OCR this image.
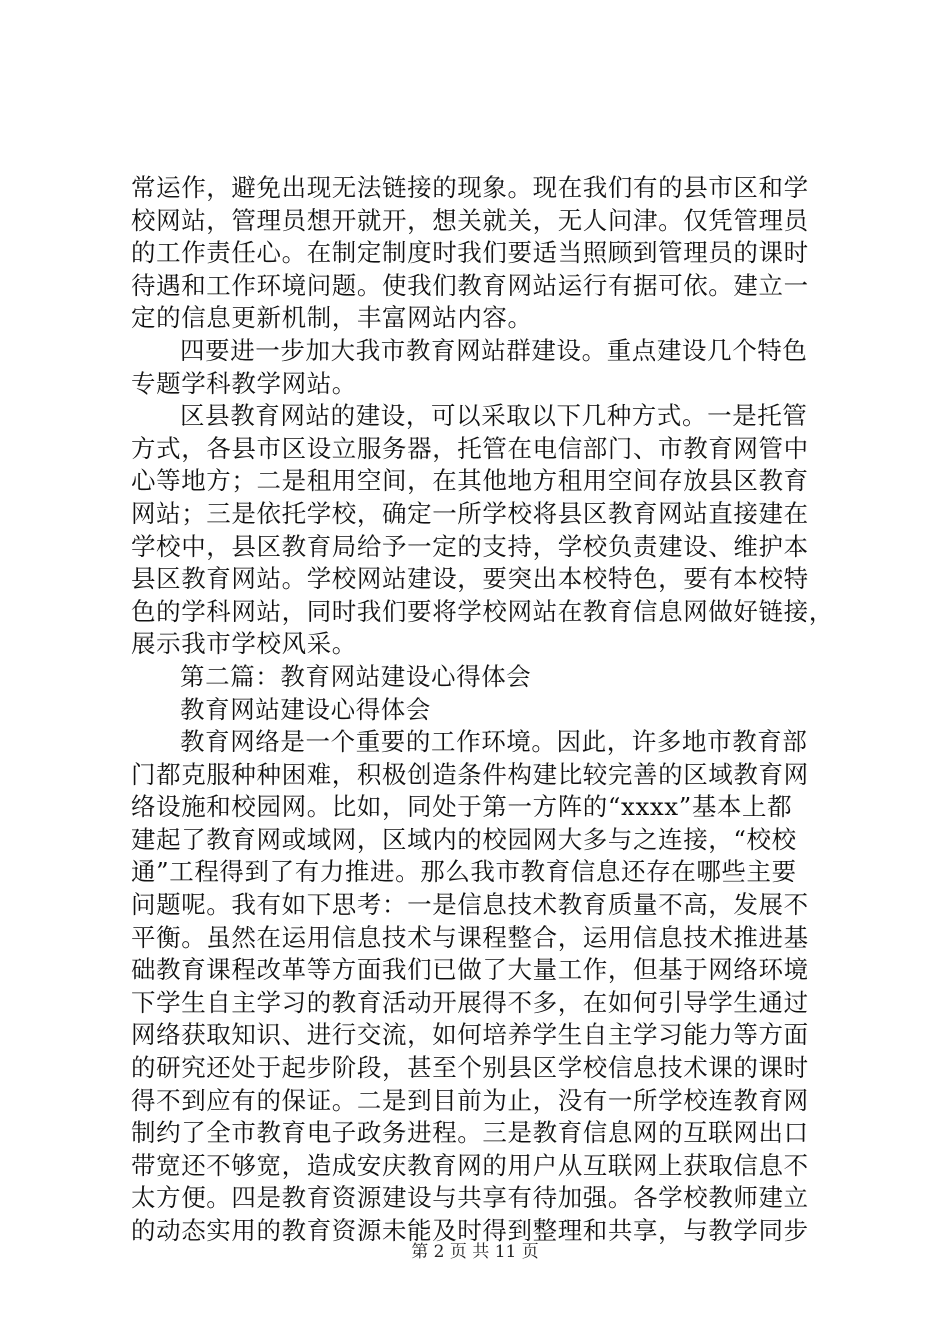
常运作，避免出现无法链接的现象。现在我们有的县市区和学
校网站，管理员想开就开，想关就关，无人问津。仅凭管理员
的工作责任心。在制定制度时我们要适当照顾到管理员的课时
待遇和工作环境问题。使我们教育网站运行有据可依。建立一
定的信息更新机制，丰富网站内容。
四要进一步加大我市教育网站群建设。重点建设几个特色
专题学科教学网站。
区县教育网站的建设，可以采取以下几种方式。一是托管
方式，各县市区设立服务器，托管在电信部门、市教育网管中
心等地方；二是租用空间，在其他地方租用空间存放县区教育
网站；三是依托学校，确定一所学校将县区教育网站直接建在
学校中，县区教育局给予一定的支持，学校负责建设、维护本
县区教育网站。学校网站建设，要突出本校特色，要有本校特
色的学科网站，同时我们要将学校网站在教育信息网做好链接，
展示我市学校风采。
第二篇：教育网站建设心得体会
教育网站建设心得体会
教育网络是一个重要的工作环境。因此，许多地市教育部
门都克服种种困难，积极创造条件构建比较完善的区域教育网
络设施和校园网。比如，同处于第一方阵的“xxxx”基本上都
建起了教育网或域网，区域内的校园网大多与之连接，“校校
通”工程得到了有力推进。那么我市教育信息还存在哪些主要
问题呢。我有如下思考：一是信息技术教育质量不高，发展不
平衡。虽然在运用信息技术与课程整合，运用信息技术推进基
础教育课程改革等方面我们已做了大量工作，但基于网络环境
下学生自主学习的教育活动开展得不多，在如何引导学生通过
网络获取知识、进行交流，如何培养学生自主学习能力等方面
的研究还处于起步阶段，甚至个别县区学校信息技术课的课时
得不到应有的保证。二是到目前为止，没有一所学校连教育网
制约了全市教育电子政务进程。三是教育信息网的互联网出口
带宽还不够宽，造成安庆教育网的用户从互联网上获取信息不
太方便。四是教育资源建设与共享有待加强。各学校教师建立
的动态实用的教育资源未能及时得到整理和共享，与教学同步
第 2 页 共 11 页
